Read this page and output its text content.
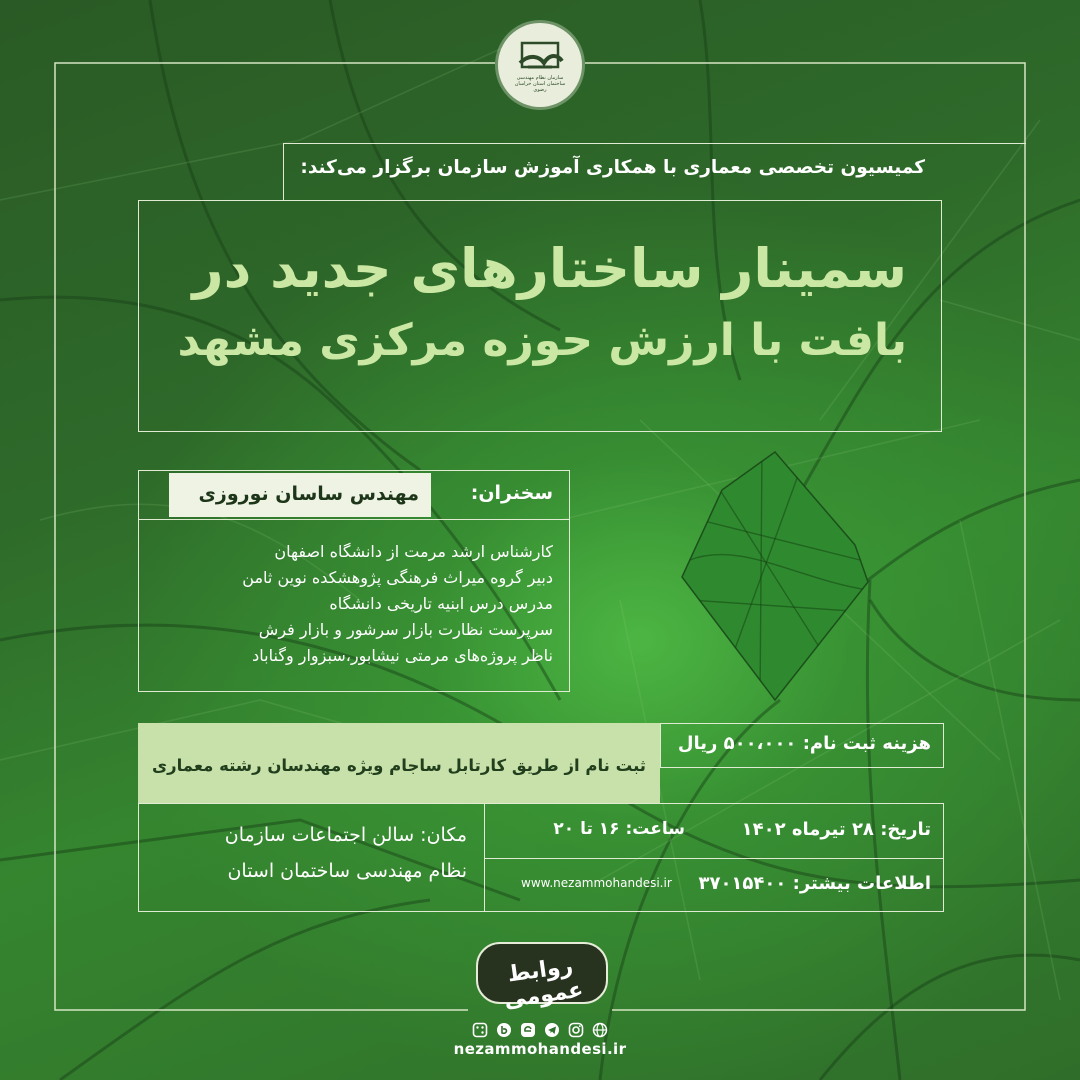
سازمان نظام مهندسی ساختمان استان خراسان رضوی
کمیسیون تخصصی معماری با همکاری آموزش سازمان برگزار می‌کند:
سمینار ساختارهای جدید در
بافت با ارزش حوزه مرکزی مشهد
سخنران:
مهندس ساسان نوروزی
کارشناس ارشد مرمت از دانشگاه اصفهان
دبیر گروه میراث فرهنگی پژوهشکده نوین ثامن
مدرس درس ابنیه تاریخی دانشگاه
سرپرست نظارت بازار سرشور و بازار فرش
ناظر پروژه‌های مرمتی نیشابور،سبزوار وگناباد
ثبت نام از طریق کارتابل ساجام ویژه مهندسان رشته معماری
هزینه ثبت نام: ۵۰۰،۰۰۰ ریال
تاریخ: ۲۸ تیرماه ۱۴۰۲
ساعت: ۱۶ تا ۲۰
اطلاعات بیشتر: ۳۷۰۱۵۴۰۰
www.nezammohandesi.ir
مکان: سالن اجتماعات سازمان
نظام مهندسی ساختمان استان
روابط عمومی
nezammohandesi.ir
